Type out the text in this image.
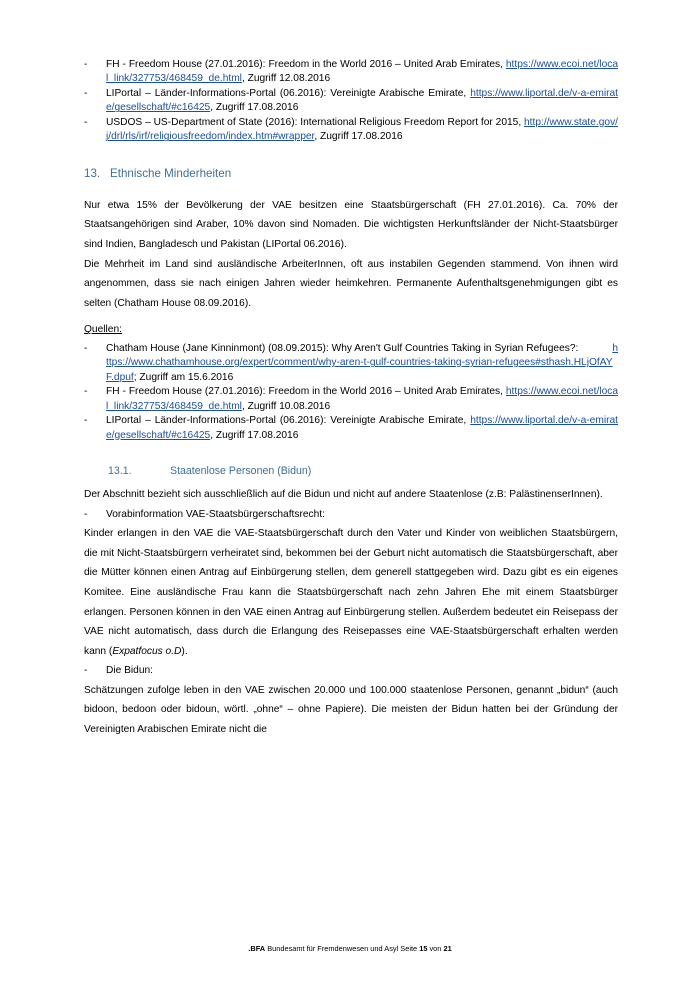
-	FH - Freedom House (27.01.2016): Freedom in the World 2016 – United Arab Emirates, https://www.ecoi.net/local_link/327753/468459_de.html, Zugriff 12.08.2016
-	LIPortal – Länder-Informations-Portal (06.2016): Vereinigte Arabische Emirate, https://www.liportal.de/v-a-emirate/gesellschaft/#c16425, Zugriff 17.08.2016
-	USDOS – US-Department of State (2016): International Religious Freedom Report for 2015, http://www.state.gov/j/drl/rls/irf/religiousfreedom/index.htm#wrapper, Zugriff 17.08.2016
13. Ethnische Minderheiten

Nur etwa 15% der Bevölkerung der VAE besitzen eine Staatsbürgerschaft (FH 27.01.2016). Ca. 70% der Staatsangehörigen sind Araber, 10% davon sind Nomaden. Die wichtigsten Herkunftsländer der Nicht-Staatsbürger sind Indien, Bangladesch und Pakistan (LIPortal 06.2016).

Die Mehrheit im Land sind ausländische ArbeiterInnen, oft aus instabilen Gegenden stammend. Von ihnen wird angenommen, dass sie nach einigen Jahren wieder heimkehren. Permanente Aufenthaltsgenehmigungen gibt es selten (Chatham House 08.09.2016).

Quellen:
-	Chatham House (Jane Kinninmont) (08.09.2015): Why Aren't Gulf Countries Taking in Syrian Refugees?:	https://www.chathamhouse.org/expert/comment/why-aren-t-gulf-countries-taking-syrian-refugees#sthash.HLjOfAYF.dpuf; Zugriff am 15.6.2016
-	FH - Freedom House (27.01.2016): Freedom in the World 2016 – United Arab Emirates, https://www.ecoi.net/local_link/327753/468459_de.html, Zugriff 10.08.2016
-	LIPortal – Länder-Informations-Portal (06.2016): Vereinigte Arabische Emirate, https://www.liportal.de/v-a-emirate/gesellschaft/#c16425, Zugriff 17.08.2016
13.1.	Staatenlose Personen (Bidun)

Der Abschnitt bezieht sich ausschließlich auf die Bidun und nicht auf andere Staatenlose (z.B: PalästinenserInnen).

-	Vorabinformation VAE-Staatsbürgerschaftsrecht:

Kinder erlangen in den VAE die VAE-Staatsbürgerschaft durch den Vater und Kinder von weiblichen Staatsbürgern, die mit Nicht-Staatsbürgern verheiratet sind, bekommen bei der Geburt nicht automatisch die Staatsbürgerschaft, aber die Mütter können einen Antrag auf Einbürgerung stellen, dem generell stattgegeben wird. Dazu gibt es ein eigenes Komitee. Eine ausländische Frau kann die Staatsbürgerschaft nach zehn Jahren Ehe mit einem Staatsbürger erlangen. Personen können in den VAE einen Antrag auf Einbürgerung stellen. Außerdem bedeutet ein Reisepass der VAE nicht automatisch, dass durch die Erlangung des Reisepasses eine VAE-Staatsbürgerschaft erhalten werden kann (Expatfocus o.D).

-	Die Bidun:

Schätzungen zufolge leben in den VAE zwischen 20.000 und 100.000 staatenlose Personen, genannt „bidun“ (auch bidoon, bedoon oder bidoun, wörtl. „ohne“ – ohne Papiere). Die meisten der Bidun hatten bei der Gründung der Vereinigten Arabischen Emirate nicht die

.BFA Bundesamt für Fremdenwesen und Asyl Seite 15 von 21
